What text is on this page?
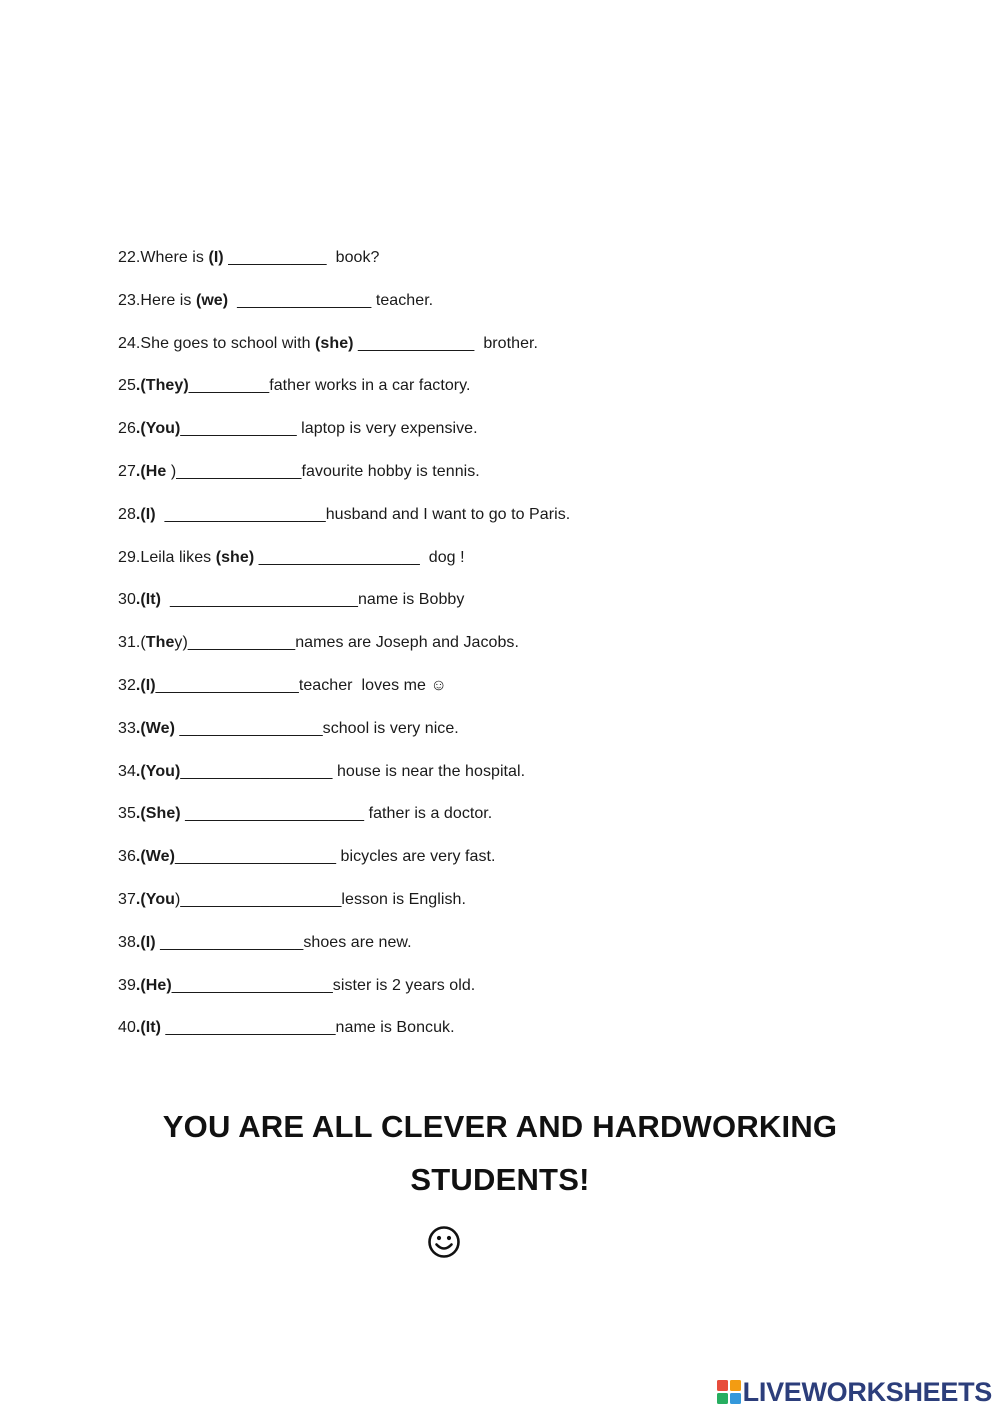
22.Where is (I) ___________  book?
23.Here is (we)  _______________ teacher.
24.She goes to school with (she) _____________  brother.
25.(They)_________father works in a car factory.
26.(You)_____________ laptop is very expensive.
27.(He )______________favourite hobby is tennis.
28.(I)  __________________husband and I want to go to Paris.
29.Leila likes (she) __________________  dog !
30.(It)  _____________________name is Bobby
31.(They)____________names are Joseph and Jacobs.
32.(I)________________teacher  loves me ☺
33.(We) ________________school is very nice.
34.(You)_________________ house is near the hospital.
35.(She) ____________________ father is a doctor.
36.(We)__________________ bicycles are very fast.
37.(You)__________________lesson is English.
38.(I) ________________shoes are new.
39.(He)__________________sister is 2 years old.
40.(It) ___________________name is Boncuk.
YOU ARE ALL CLEVER AND HARDWORKING
STUDENTS!
LIVEWORKSHEETS
